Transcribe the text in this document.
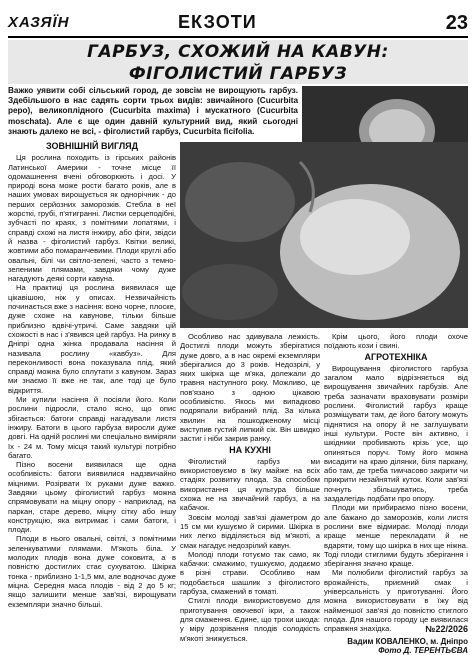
ХАЗЯЇН	ЕКЗОТИ	23
ГАРБУЗ, СХОЖИЙ НА КАВУН:
ФІГОЛИСТИЙ ГАРБУЗ
Важко уявити собі сільський город, де зовсім не вирощують гарбуз. Здебільшого в нас садять сорти трьох видів: звичайного (Cucurbita pepo), великоплідного (Cucurbita maxima) і мускатного (Cucurbita moschata). Але є ще один давній культурний вид, який сьогодні знають далеко не всі, - фіголистий гарбуз, Cucurbita ficifolia.
ЗОВНІШНІЙ ВИГЛЯД

Ця рослина походить із гірських районів Латинської Америки - точне місце її одомашнення вчені обговорюють і досі. У природі вона може рости багато років, але в наших умовах вирощується як однорічник - до перших серйозних заморозків. Стебла в неї жорсткі, грубі, п'ятигранні. Листки серцеподібні, зубчасті по краях, з помітними лопатями, і справді схожі на листя інжиру, або фіги, звідси й назва - фіголистий гарбуз. Квітки великі, жовтими або помаранчевими. Плоди круглі або овальні, білі чи світло-зелені, часто з темно-зеленими плямами, завдяки чому дуже нагадують деякі сорти кавуна.

На практиці ця рослина виявилася ще цікавішою, ніж у описах. Незвичайність починається вже з насіння: воно чорне, плоске, дуже схоже на кавунове, тільки більше приблизно вдвічі-утричі. Саме завдяки цій схожості в нас і з'явився цей гарбуз. На ринку в Дніпрі одна жінка продавала насіння й називала рослину «кавбуз». Для переконливості вона показувала плід, який справді можна було сплутати з кавуном. Зараз ми знаємо її вже не так, але тоді це було відкриття.

Ми купили насіння й посіяли його. Коли рослини підросли, стало ясно, що опис збігається: батоги справді нагадували листя інжиру. Батоги в цього гарбуза виросли дуже довгі. На одній рослині ми спеціально виміряли їх - 24 м. Тому місця такий культурі потрібно багато.

Пізно восени виявилася ще одна особливість: батоги виявилися надзвичайно міцними. Розірвати їх руками дуже важко. Завдяки цьому фіголистий гарбуз можна спрямовувати на міцну опору - наприклад, на паркан, старе дерево, міцну сітку або іншу конструкцію, яка витримає і сами батоги, і плоди.

Плоди в нього овальні, світлі, з помітними зеленкуватими плямами. М'якоть біла. У молодих плодів вона дуже соковита, а в повністю достиглих стає сухуватою. Шкірка тонка - приблизно 1-1,5 мм, але водночас дуже міцна. Середня маса плодів - від 2 до 5 кг; якщо залишити менше зав'язі, вирощувати екземпляри значно більші.

Особливо нас здивувала лежкість. Достиглі плоди можуть зберігатися дуже довго, а в нас окремі екземпляри зберігалися до 3 років. Недозрілі, у яких шкірка ще м'яка, долежали до травня наступного року. Можливо, це пов'язано з одною цікавою особливістю. Якось ми випадково подряпали вибраний плід. За кілька хвилин на пошкодженому місці виступив густий липкий сік. Він швидко застиг і ніби закрив ранку.

НА КУХНІ

Фіголистий гарбуз ми використовуємо в їжу майже на всіх стадіях розвитку плода. За способом використання ця культура більше схожа не на звичайний гарбуз, а на кабачок.

Зовсім молоді зав'язі діаметром до 15 см ми кушуємо й сирими. Шкірка в них легко відділяється від м'якоті, а смак нагадує недозрілий кавун.

Молоді плоди готуємо так само, як кабачки: смажимо, тушкуємо, додаємо в різні страви. Особливо нам подобається шашлик з фіголистого гарбуза, смажений в томаті.

Стиглі плоди використовуємо для приготування овочевої ікри, а також для смаження. Єдине, що трохи шкода: у міру дозрівання плодів солодкість м'якоті знижується.

Крім цього, його плоди охоче поїдають кози і свині.

АГРОТЕХНІКА

Вирощування фіголистого гарбуза загалом мало відрізняється від вирощування звичайних гарбузів. Але треба зазначати враховувати розміри рослини. Фіголистий гарбуз краще розміщувати там, де його батогу можуть піднятися на опору й не заглушувати інші культури. Росте він активно, і шкідники пробивають крізь усе, що опиняться поруч. Тому його можна висадити на краю ділянки, біля паркану, або там, де треба тимчасово закрити чи прикрити незайнятий куток. Коли зав'язі почнуть збільшуватись, треба заздалегідь подбати про опору.

Плоди ми прибираємо пізно восени, але бажано до заморозків, коли листя рослини вже відмирає. Молоді плоди краще менше перекладати й не вдаряти, тому що шкірка в них ще ніжна. Тоді плоди стиглими будуть зберігання і зберігання значно краще.

Ми полюбили фіголистий гарбуз за врожайність, приємний смак і універсальність у приготуванні. Його можна використовувати в їжу від найменшої зав'язі до повністю стиглого плода. Для нашого городу це виявилася справжня знахідка.

Вадим КОВАЛЕНКО, м. Дніпро
Фото Д. ТЕРЕНТЬЄВА
№22/2026
